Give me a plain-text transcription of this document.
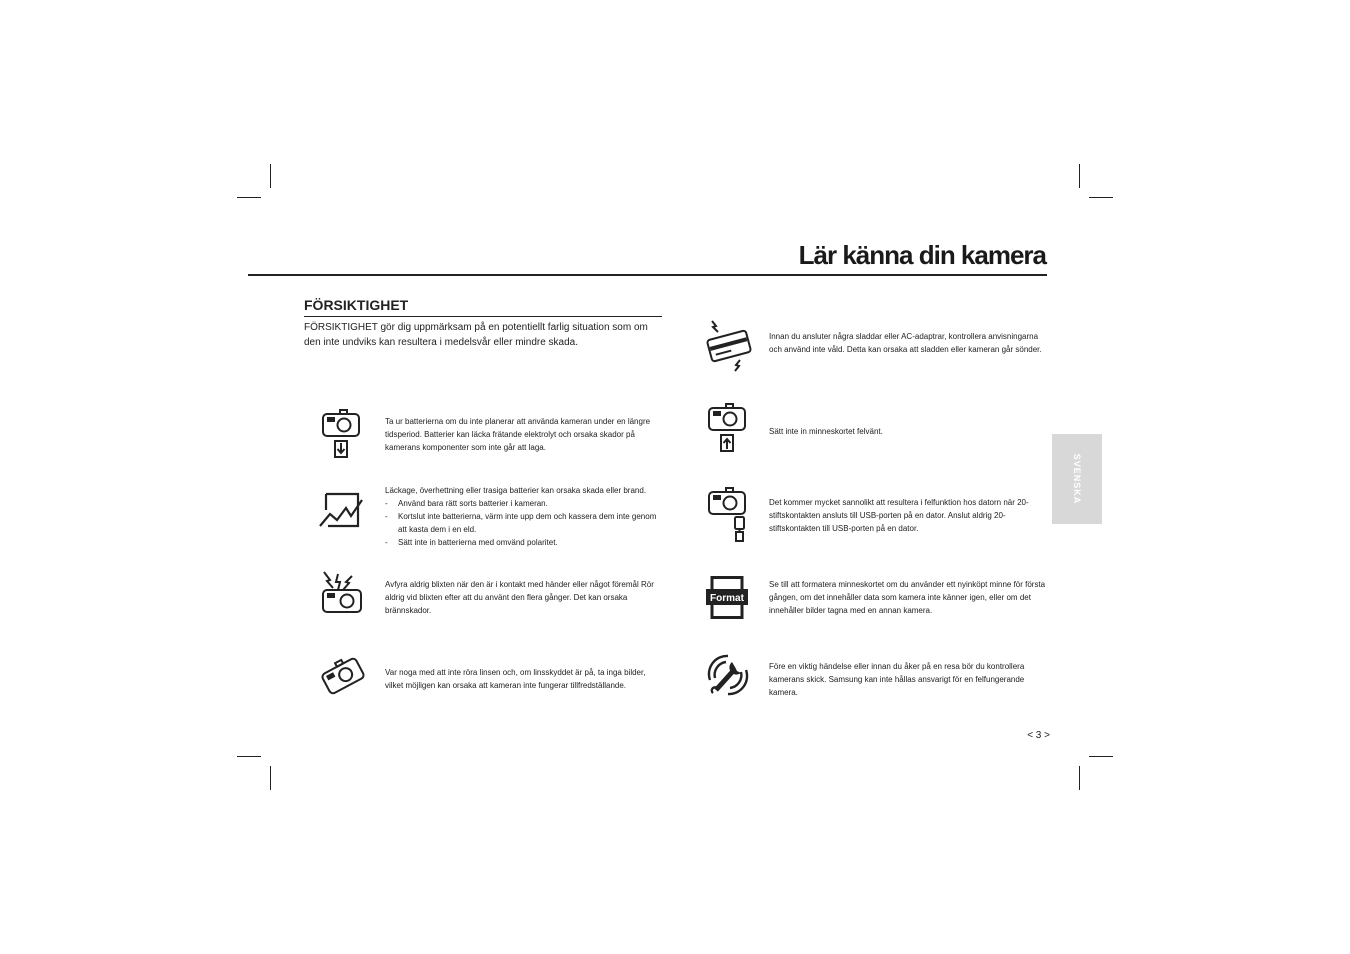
Lär känna din kamera
FÖRSIKTIGHET
FÖRSIKTIGHET gör dig uppmärksam på en potentiellt farlig situation som om den inte undviks kan resultera i medelsvår eller mindre skada.
Ta ur batterierna om du inte planerar att använda kameran under en längre tidsperiod. Batterier kan läcka frätande elektrolyt och orsaka skador på kamerans komponenter som inte går att laga.
Läckage, överhettning eller trasiga batterier kan orsaka skada eller brand.
- Använd bara rätt sorts batterier i kameran.
- Kortslut inte batterierna, värm inte upp dem och kassera dem inte genom att kasta dem i en eld.
- Sätt inte in batterierna med omvänd polaritet.
Avfyra aldrig blixten när den är i kontakt med händer eller något föremål Rör aldrig vid blixten efter att du använt den flera gånger. Det kan orsaka brännskador.
Var noga med att inte röra linsen och, om linsskyddet är på, ta inga bilder, vilket möjligen kan orsaka att kameran inte fungerar tillfredställande.
Innan du ansluter några sladdar eller AC-adaptrar, kontrollera anvisningarna och använd inte våld. Detta kan orsaka att sladden eller kameran går sönder.
Sätt inte in minneskortet felvänt.
Det kommer mycket sannolikt att resultera i felfunktion hos datorn när 20-stiftskontakten ansluts till USB-porten på en dator. Anslut aldrig 20-stiftskontakten till USB-porten på en dator.
Format
Se till att formatera minneskortet om du använder ett nyinköpt minne för första gången, om det innehåller data som kamera inte känner igen, eller om det innehåller bilder tagna med en annan kamera.
Före en viktig händelse eller innan du åker på en resa bör du kontrollera kamerans skick. Samsung kan inte hållas ansvarigt för en felfungerande kamera.
SVENSKA
< 3 >
